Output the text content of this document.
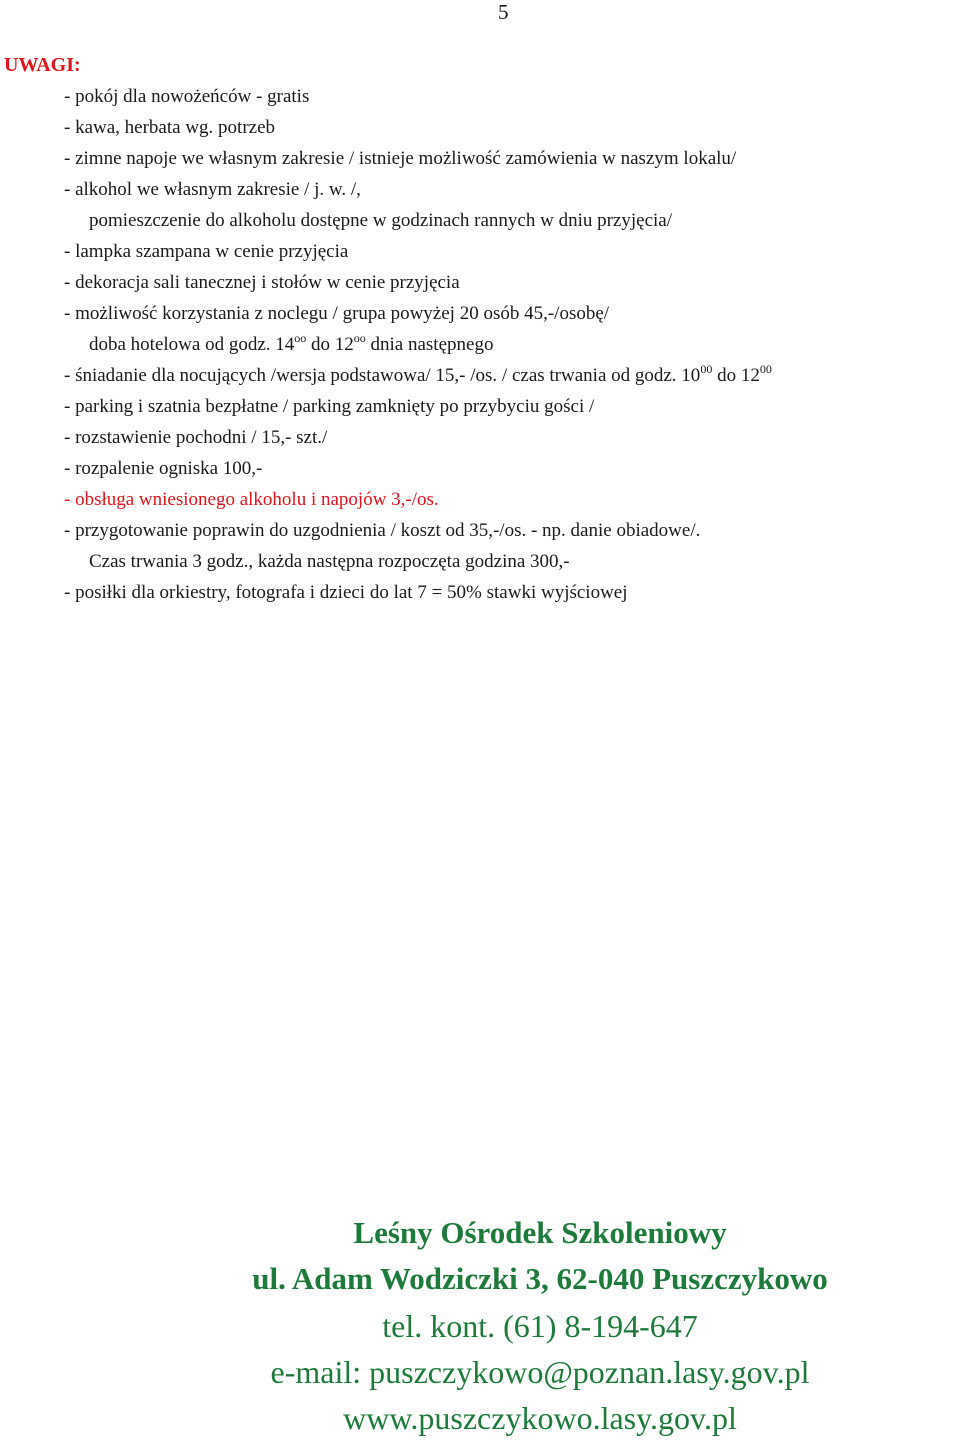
5
UWAGI:
- pokój dla nowożeńców - gratis
- kawa, herbata wg. potrzeb
- zimne napoje we własnym zakresie / istnieje możliwość zamówienia w naszym lokalu/
- alkohol we własnym zakresie / j. w. /,
pomieszczenie do alkoholu dostępne w godzinach rannych w dniu przyjęcia/
- lampka szampana w cenie przyjęcia
- dekoracja sali tanecznej i stołów w cenie przyjęcia
- możliwość korzystania z noclegu / grupa powyżej 20 osób 45,-/osobę/
doba hotelowa od godz. $14^{oo}$ do $12^{oo}$ dnia następnego
- śniadanie dla nocujących /wersja podstawowa/ 15,- /os. / czas trwania od godz. $10^{00}$ do $12^{00}$
- parking i szatnia bezpłatne / parking zamknięty po przybyciu gości /
- rozstawienie pochodni / 15,- szt./
- rozpalenie ogniska 100,-
- obsługa wniesionego alkoholu i napojów 3,-/os.
- przygotowanie poprawin do uzgodnienia / koszt od 35,-/os. - np. danie obiadowe/.
Czas trwania 3 godz., każda następna rozpoczęta godzina 300,-
- posiłki dla orkiestry, fotografa i dzieci do lat 7 = 50% stawki wyjściowej
Leśny Ośrodek Szkoleniowy
ul. Adam Wodziczki 3, 62-040 Puszczykowo
tel. kont. (61) 8-194-647
e-mail: puszczykowo@poznan.lasy.gov.pl
www.puszczykowo.lasy.gov.pl
